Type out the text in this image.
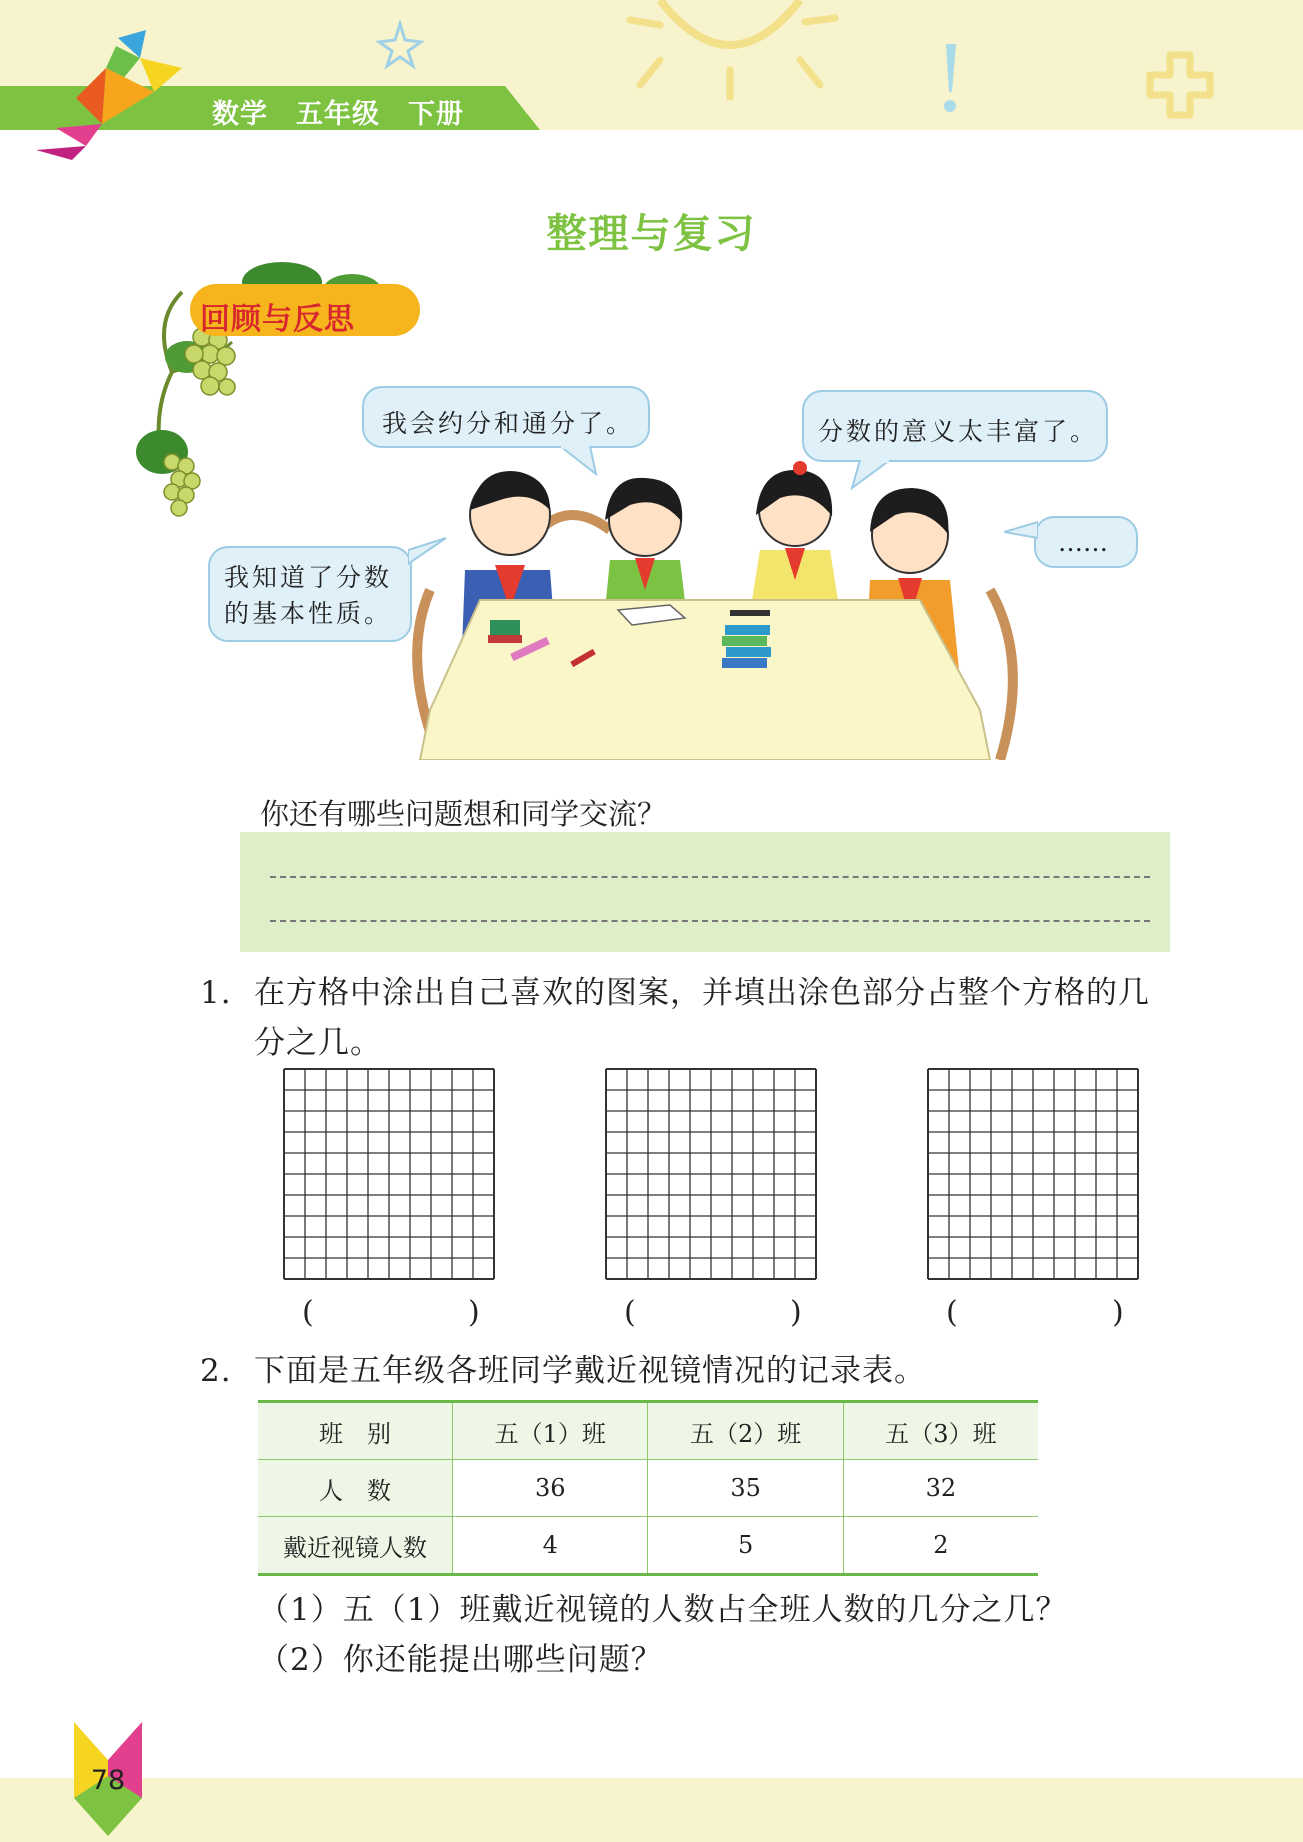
数学　五年级　下册
整理与复习
回顾与反思
我会约分和通分了。	分数的意义太丰富了。
我知道了分数的基本性质。
……
你还有哪些问题想和同学交流？
1. 在方格中涂出自己喜欢的图案，并填出涂色部分占整个方格的几分之几。
(	)	(	)	(	)
2. 下面是五年级各班同学戴近视镜情况的记录表。
班　别	五（1）班	五（2）班	五（3）班
人　数	36	35	32
戴近视镜人数	4	5	2
（1）五（1）班戴近视镜的人数占全班人数的几分之几？
（2）你还能提出哪些问题？
78
